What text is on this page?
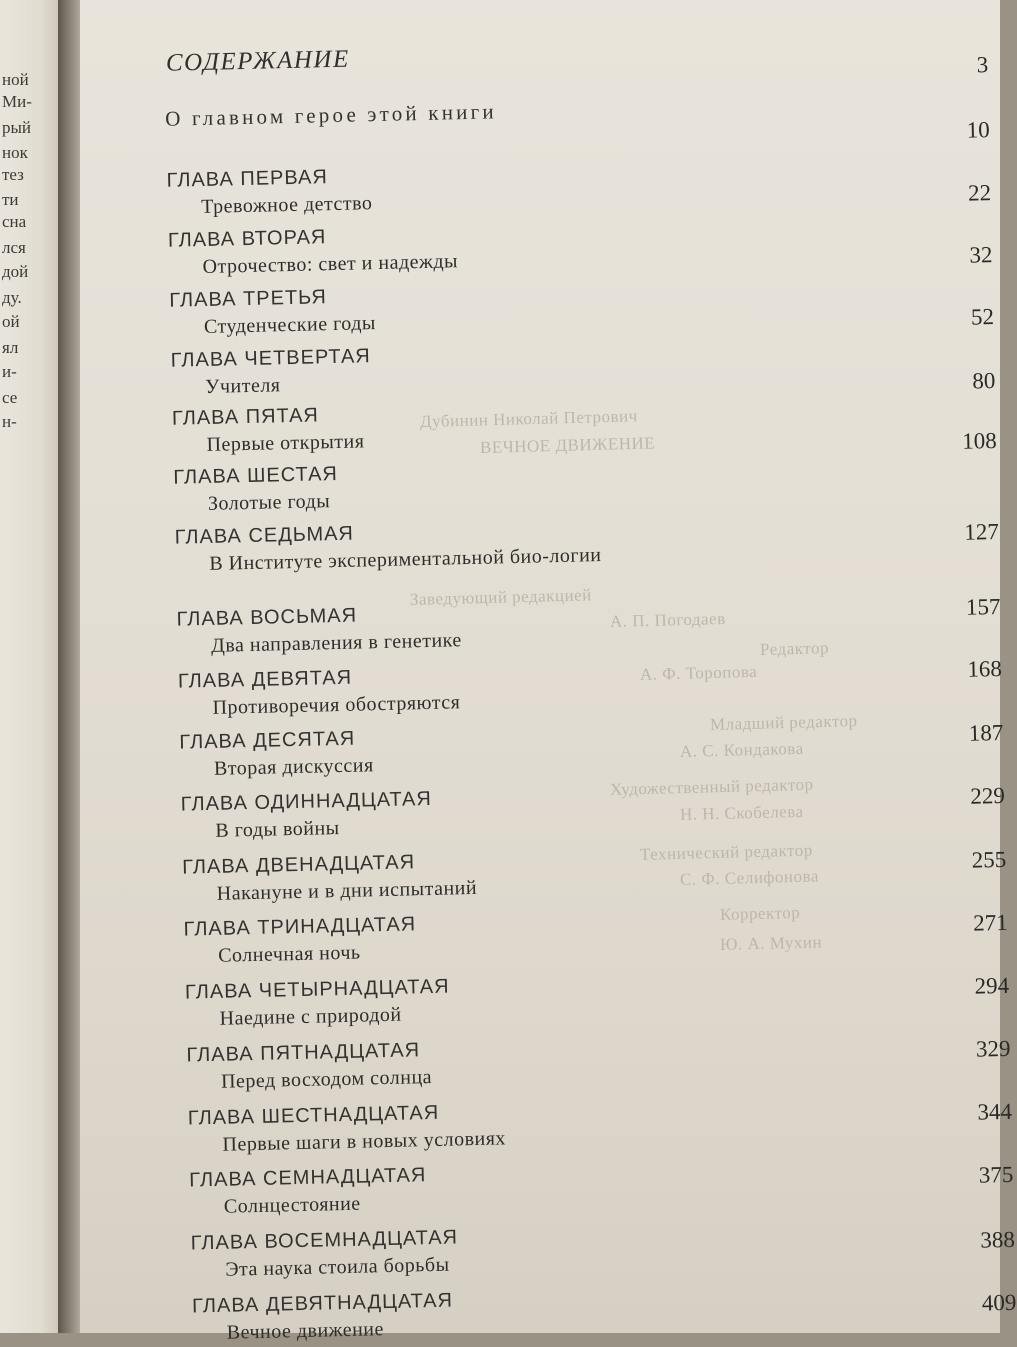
ной
Ми-
рый
нок
тез
ти
сна
лся
дой
ду.
ой
ял
и-
се
н-	Дубинин Николай Петрович
ВЕЧНОЕ ДВИЖЕНИЕ
Заведующий редакцией
А. П. Погодаев
Редактор
А. Ф. Торопова
Младший редактор
А. С. Кондакова
Художественный редактор
Н. Н. Скобелева
Технический редактор
С. Ф. Селифонова
Корректор
Ю. А. Мухин
СОДЕРЖАНИЕ
О главном герое этой книги
ГЛАВА ПЕРВАЯ
Тревожное детство
ГЛАВА ВТОРАЯ
Отрочество: свет и надежды
ГЛАВА ТРЕТЬЯ
Студенческие годы
ГЛАВА ЧЕТВЕРТАЯ
Учителя
ГЛАВА ПЯТАЯ
Первые открытия
ГЛАВА ШЕСТАЯ
Золотые годы
ГЛАВА СЕДЬМАЯ
В Институте экспериментальной био-логии
ГЛАВА ВОСЬМАЯ
Два направления в генетике
ГЛАВА ДЕВЯТАЯ
Противоречия обостряются
ГЛАВА ДЕСЯТАЯ
Вторая дискуссия
ГЛАВА ОДИННАДЦАТАЯ
В годы войны
ГЛАВА ДВЕНАДЦАТАЯ
Накануне и в дни испытаний
ГЛАВА ТРИНАДЦАТАЯ
Солнечная ночь
ГЛАВА ЧЕТЫРНАДЦАТАЯ
Наедине с природой
ГЛАВА ПЯТНАДЦАТАЯ
Перед восходом солнца
ГЛАВА ШЕСТНАДЦАТАЯ
Первые шаги в новых условиях
ГЛАВА СЕМНАДЦАТАЯ
Солнцестояние
ГЛАВА ВОСЕМНАДЦАТАЯ
Эта наука стоила борьбы
ГЛАВА ДЕВЯТНАДЦАТАЯ
Вечное движение
3
10
22
32
52
80
108
127
157
168
187
229
255
271
294
329
344
375
388
409
